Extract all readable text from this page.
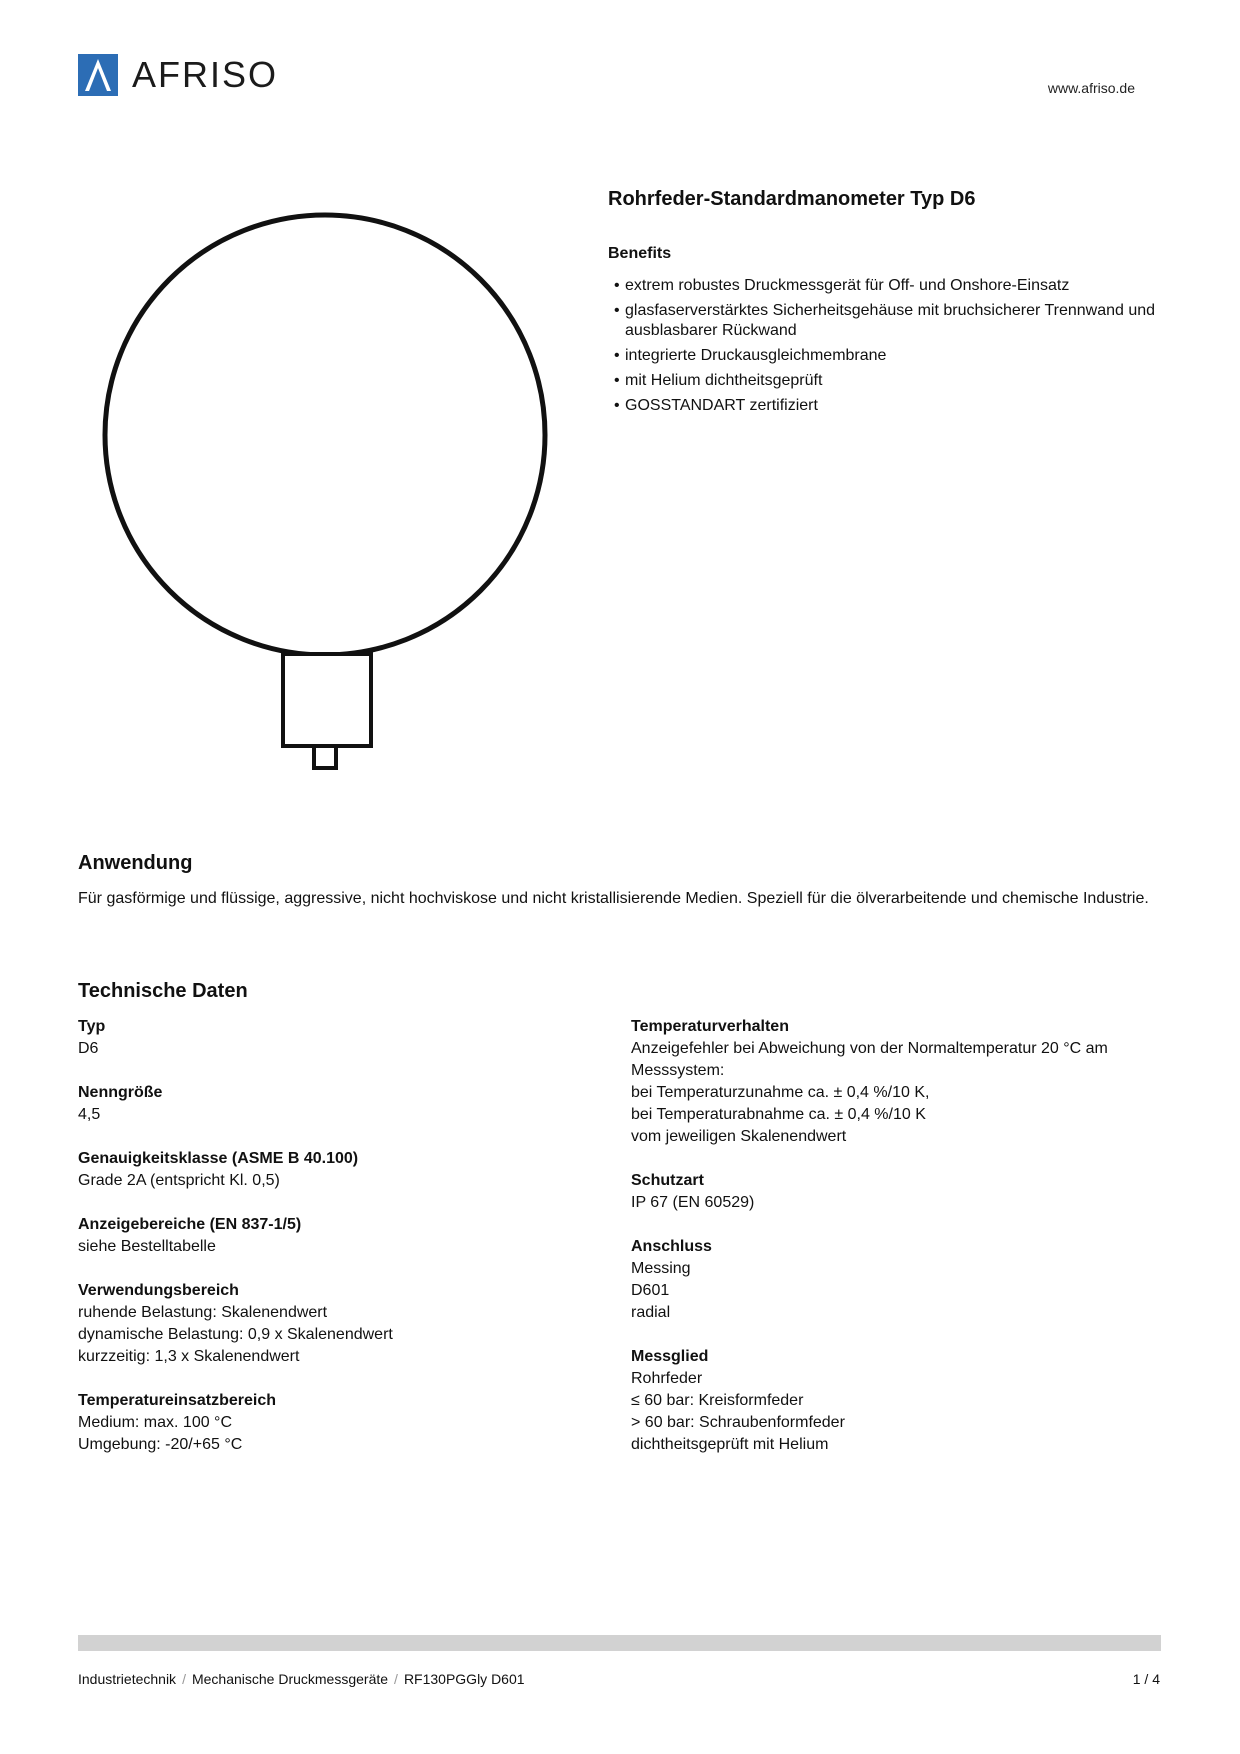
AFRISO	www.afriso.de
Rohrfeder-Standardmanometer Typ D6
Benefits
• extrem robustes Druckmessgerät für Off- und Onshore-Einsatz
• glasfaserverstärktes Sicherheitsgehäuse mit bruchsicherer Trennwand und ausblasbarer Rückwand
• integrierte Druckausgleichmembrane
• mit Helium dichtheitsgeprüft
• GOSSTANDART zertifiziert
Anwendung
Für gasförmige und flüssige, aggressive, nicht hochviskose und nicht kristallisierende Medien. Speziell für die ölverarbeitende und chemische Industrie.
Technische Daten
Typ
D6
Nenngröße
4,5
Genauigkeitsklasse (ASME B 40.100)
Grade 2A (entspricht Kl. 0,5)
Anzeigebereiche (EN 837-1/5)
siehe Bestelltabelle
Verwendungsbereich
ruhende Belastung: Skalenendwert
dynamische Belastung: 0,9 x Skalenendwert
kurzzeitig: 1,3 x Skalenendwert
Temperatureinsatzbereich
Medium: max. 100 °C
Umgebung: -20/+65 °C
Temperaturverhalten
Anzeigefehler bei Abweichung von der Normaltemperatur 20 °C am Messsystem:
bei Temperaturzunahme ca. ± 0,4 %/10 K,
bei Temperaturabnahme ca. ± 0,4 %/10 K
vom jeweiligen Skalenendwert
Schutzart
IP 67 (EN 60529)
Anschluss
Messing
D601
radial
Messglied
Rohrfeder
≤ 60 bar: Kreisformfeder
> 60 bar: Schraubenformfeder
dichtheitsgeprüft mit Helium
Industrietechnik / Mechanische Druckmessgeräte / RF130PGGly D601	1 / 4
